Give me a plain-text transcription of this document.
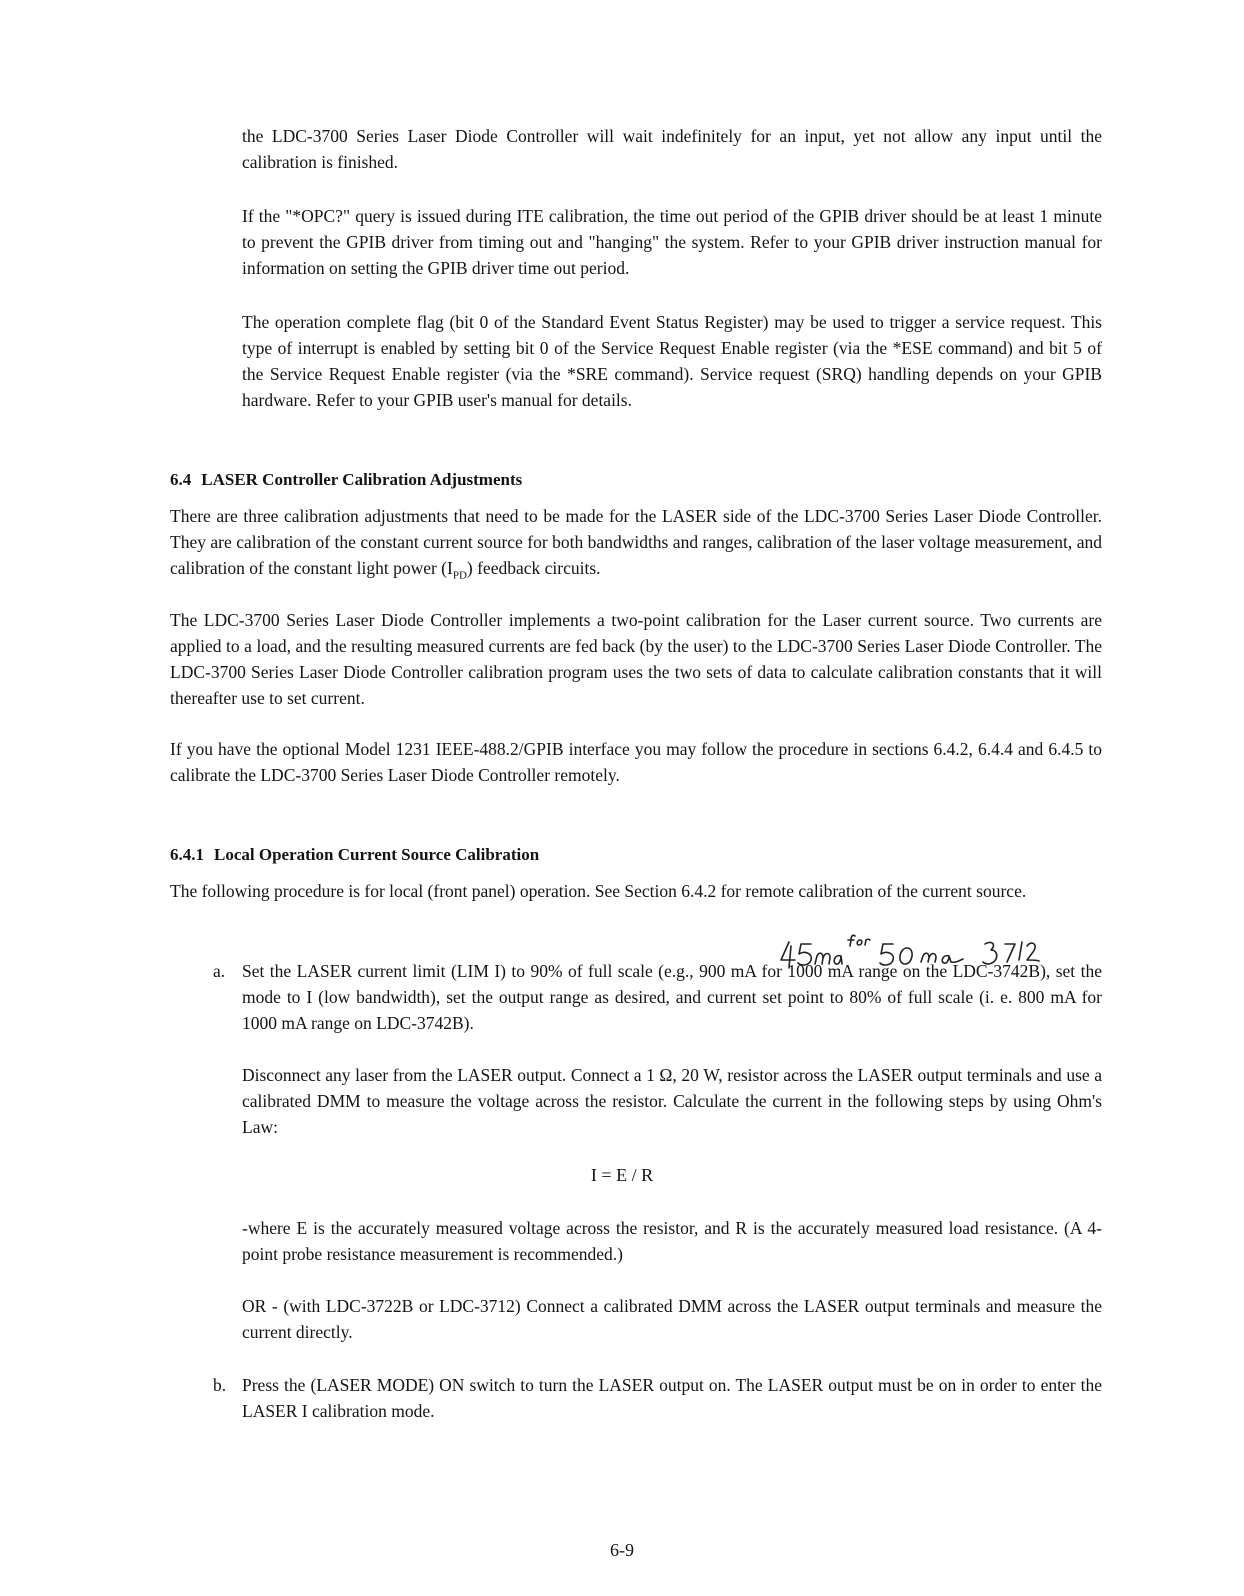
the LDC-3700 Series Laser Diode Controller will wait indefinitely for an input, yet not allow any input until the calibration is finished.

If the "*OPC?" query is issued during ITE calibration, the time out period of the GPIB driver should be at least 1 minute to prevent the GPIB driver from timing out and "hanging" the system. Refer to your GPIB driver instruction manual for information on setting the GPIB driver time out period.

The operation complete flag (bit 0 of the Standard Event Status Register) may be used to trigger a service request. This type of interrupt is enabled by setting bit 0 of the Service Request Enable register (via the *ESE command) and bit 5 of the Service Request Enable register (via the *SRE command). Service request (SRQ) handling depends on your GPIB hardware. Refer to your GPIB user's manual for details.

6.4 LASER Controller Calibration Adjustments

There are three calibration adjustments that need to be made for the LASER side of the LDC-3700 Series Laser Diode Controller. They are calibration of the constant current source for both bandwidths and ranges, calibration of the laser voltage measurement, and calibration of the constant light power $(I_{PD})$ feedback circuits.

The LDC-3700 Series Laser Diode Controller implements a two-point calibration for the Laser current source. Two currents are applied to a load, and the resulting measured currents are fed back (by the user) to the LDC-3700 Series Laser Diode Controller. The LDC-3700 Series Laser Diode Controller calibration program uses the two sets of data to calculate calibration constants that it will thereafter use to set current.

If you have the optional Model 1231 IEEE-488.2/GPIB interface you may follow the procedure in sections 6.4.2, 6.4.4 and 6.4.5 to calibrate the LDC-3700 Series Laser Diode Controller remotely.

6.4.1 Local Operation Current Source Calibration

The following procedure is for local (front panel) operation. See Section 6.4.2 for remote calibration of the current source.

a. Set the LASER current limit (LIM I) to 90% of full scale (e.g., 900 mA for 1000 mA range on the LDC-3742B), set the mode to I (low bandwidth), set the output range as desired, and current set point to 80% of full scale (i. e. 800 mA for 1000 mA range on LDC-3742B).

Disconnect any laser from the LASER output. Connect a 1 Ω, 20 W, resistor across the LASER output terminals and use a calibrated DMM to measure the voltage across the resistor. Calculate the current in the following steps by using Ohm's Law:

I = E / R

-where E is the accurately measured voltage across the resistor, and R is the accurately measured load resistance. (A 4-point probe resistance measurement is recommended.)

OR - (with LDC-3722B or LDC-3712) Connect a calibrated DMM across the LASER output terminals and measure the current directly.

b. Press the (LASER MODE) ON switch to turn the LASER output on. The LASER output must be on in order to enter the LASER I calibration mode.

6-9
